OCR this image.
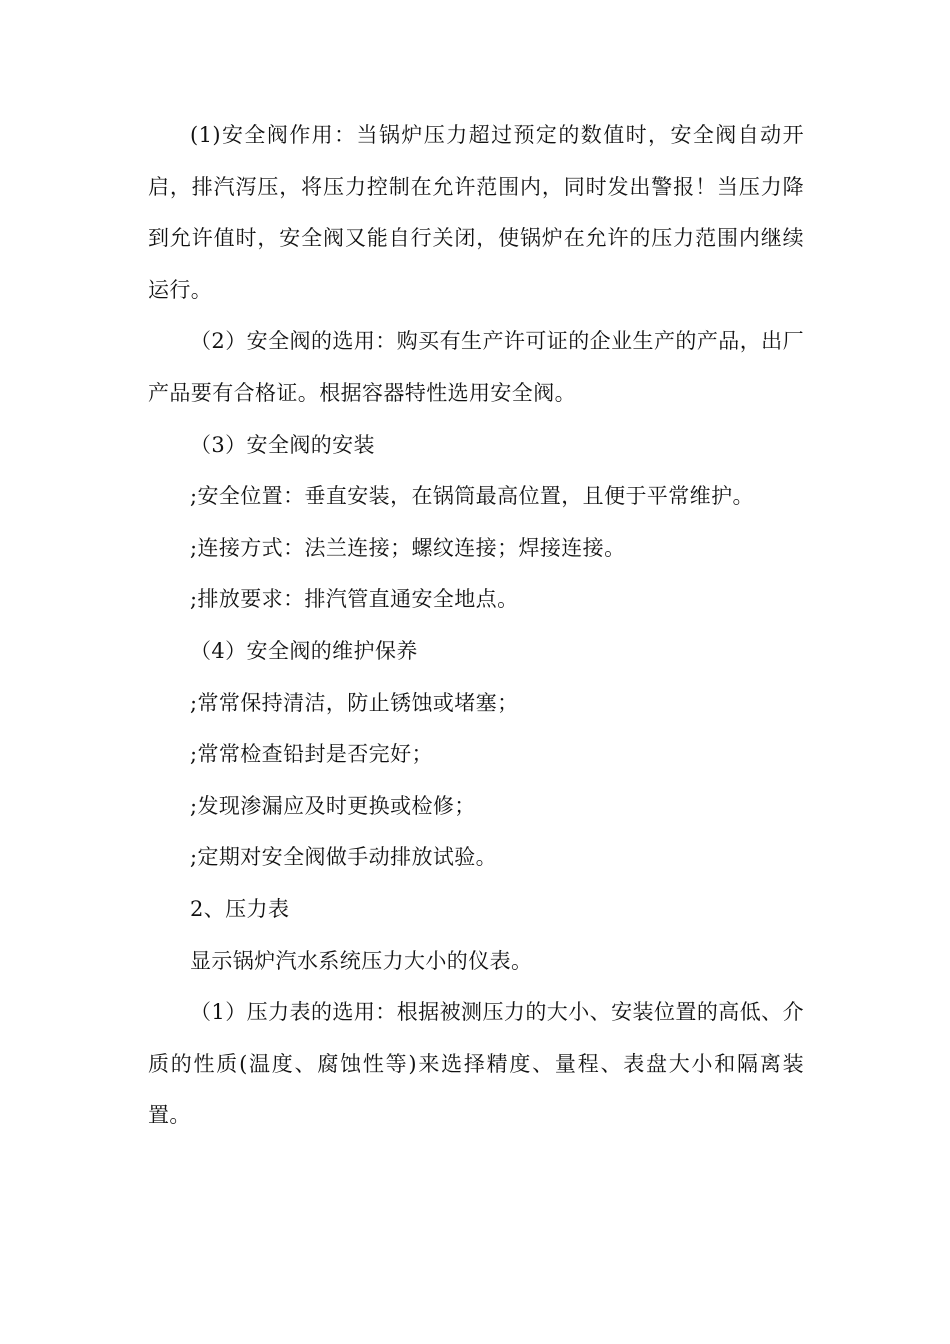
(1)安全阀作用：当锅炉压力超过预定的数值时，安全阀自动开启，排汽泻压，将压力控制在允许范围内，同时发出警报！当压力降到允许值时，安全阀又能自行关闭，使锅炉在允许的压力范围内继续运行。

（2）安全阀的选用：购买有生产许可证的企业生产的产品，出厂产品要有合格证。根据容器特性选用安全阀。

（3）安全阀的安装

;安全位置：垂直安装，在锅筒最高位置，且便于平常维护。

;连接方式：法兰连接；螺纹连接；焊接连接。

;排放要求：排汽管直通安全地点。

（4）安全阀的维护保养

;常常保持清洁，防止锈蚀或堵塞；

;常常检查铅封是否完好；

;发现渗漏应及时更换或检修；

;定期对安全阀做手动排放试验。

2、压力表

显示锅炉汽水系统压力大小的仪表。

（1）压力表的选用：根据被测压力的大小、安装位置的高低、介质的性质(温度、腐蚀性等)来选择精度、量程、表盘大小和隔离装置。
